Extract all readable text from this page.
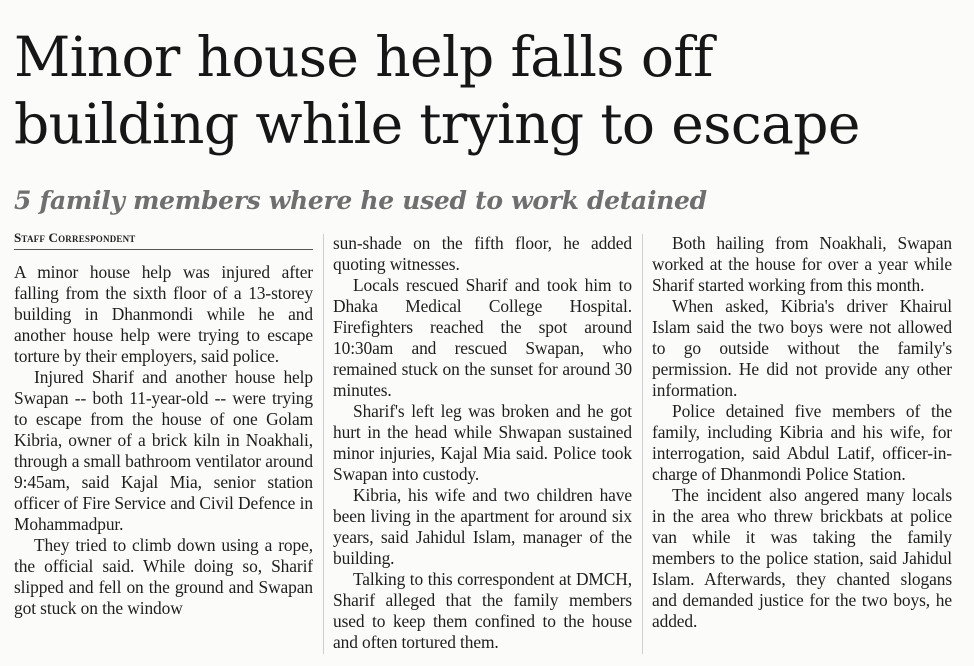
Minor house help falls off
building while trying to escape
5 family members where he used to work detained
Staff Correspondent

A minor house help was injured after falling from the sixth floor of a 13-storey building in Dhanmondi while he and another house help were trying to escape torture by their employers, said police.

Injured Sharif and another house help Swapan -- both 11-year-old -- were trying to escape from the house of one Golam Kibria, owner of a brick kiln in Noakhali, through a small bathroom ventilator around 9:45am, said Kajal Mia, senior station officer of Fire Service and Civil Defence in Mohammadpur.

They tried to climb down using a rope, the official said. While doing so, Sharif slipped and fell on the ground and Swapan got stuck on the window

sun-shade on the fifth floor, he added quoting witnesses.

Locals rescued Sharif and took him to Dhaka Medical College Hospital. Firefighters reached the spot around 10:30am and rescued Swapan, who remained stuck on the sunset for around 30 minutes.

Sharif's left leg was broken and he got hurt in the head while Shwapan sustained minor injuries, Kajal Mia said. Police took Swapan into custody.

Kibria, his wife and two children have been living in the apartment for around six years, said Jahidul Islam, manager of the building.

Talking to this correspondent at DMCH, Sharif alleged that the family members used to keep them confined to the house and often tortured them.

Both hailing from Noakhali, Swapan worked at the house for over a year while Sharif started working from this month.

When asked, Kibria's driver Khairul Islam said the two boys were not allowed to go outside without the family's permission. He did not provide any other information.

Police detained five members of the family, including Kibria and his wife, for interrogation, said Abdul Latif, officer-in-charge of Dhanmondi Police Station.

The incident also angered many locals in the area who threw brickbats at police van while it was taking the family members to the police station, said Jahidul Islam. Afterwards, they chanted slogans and demanded justice for the two boys, he added.
